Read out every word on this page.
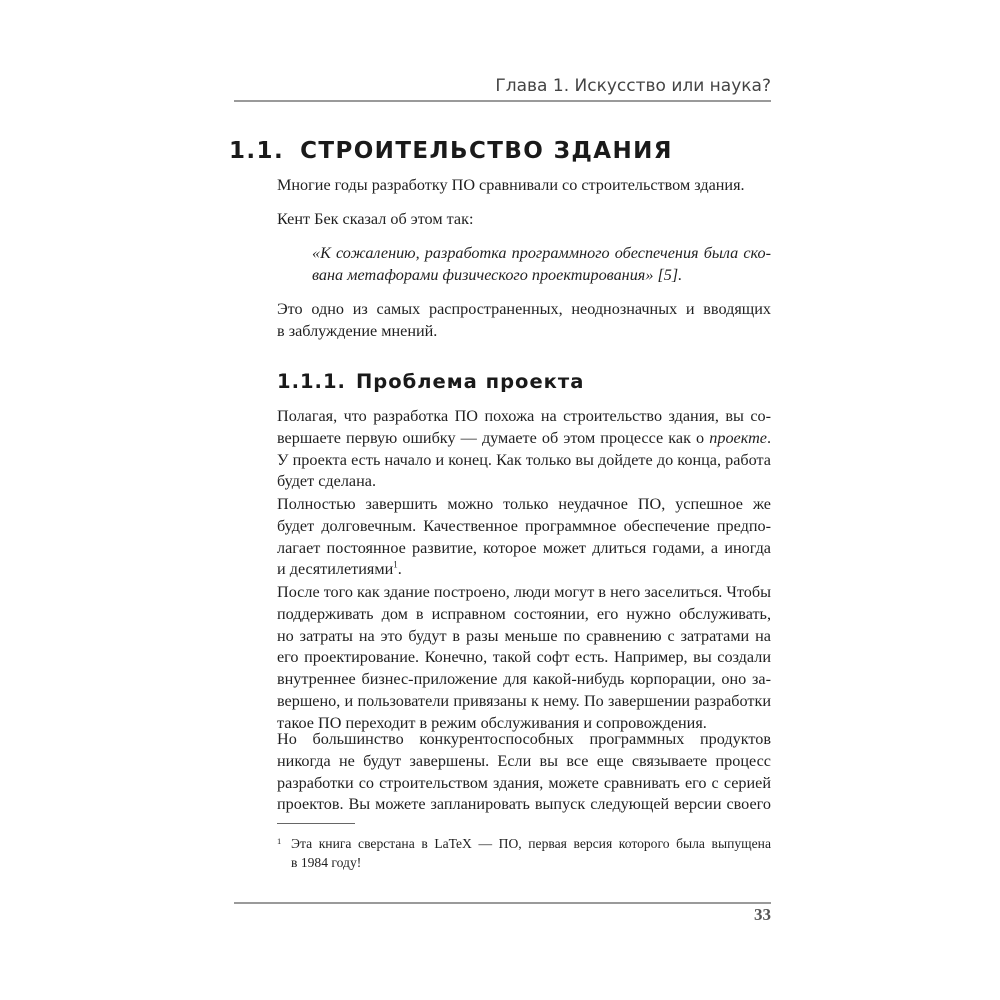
Глава 1. Искусство или наука?
1.1. СТРОИТЕЛЬСТВО ЗДАНИЯ

Многие годы разработку ПО сравнивали со строительством здания.

Кент Бек сказал об этом так:

«К сожалению, разработка программного обеспечения была ско-
вана метафорами физического проектирования» [5].

Это одно из самых распространенных, неоднозначных и вводящих
в заблуждение мнений.

1.1.1. Проблема проекта

Полагая, что разработка ПО похожа на строительство здания, вы со-
вершаете первую ошибку — думаете об этом процессе как о проекте.
У проекта есть начало и конец. Как только вы дойдете до конца, работа
будет сделана.

Полностью завершить можно только неудачное ПО, успешное же
будет долговечным. Качественное программное обеспечение предпо-
лагает постоянное развитие, которое может длиться годами, а иногда
и десятилетиями$^1$.

После того как здание построено, люди могут в него заселиться. Чтобы
поддерживать дом в исправном состоянии, его нужно обслуживать,
но затраты на это будут в разы меньше по сравнению с затратами на
его проектирование. Конечно, такой софт есть. Например, вы создали
внутреннее бизнес-приложение для какой-нибудь корпорации, оно за-
вершено, и пользователи привязаны к нему. По завершении разработки
такое ПО переходит в режим обслуживания и сопровождения.

Но большинство конкурентоспособных программных продуктов
никогда не будут завершены. Если вы все еще связываете процесс
разработки со строительством здания, можете сравнивать его с серией
проектов. Вы можете запланировать выпуск следующей версии своего

1 Эта книга сверстана в LaTeX — ПО, первая версия которого была выпущена
в 1984 году!

33
